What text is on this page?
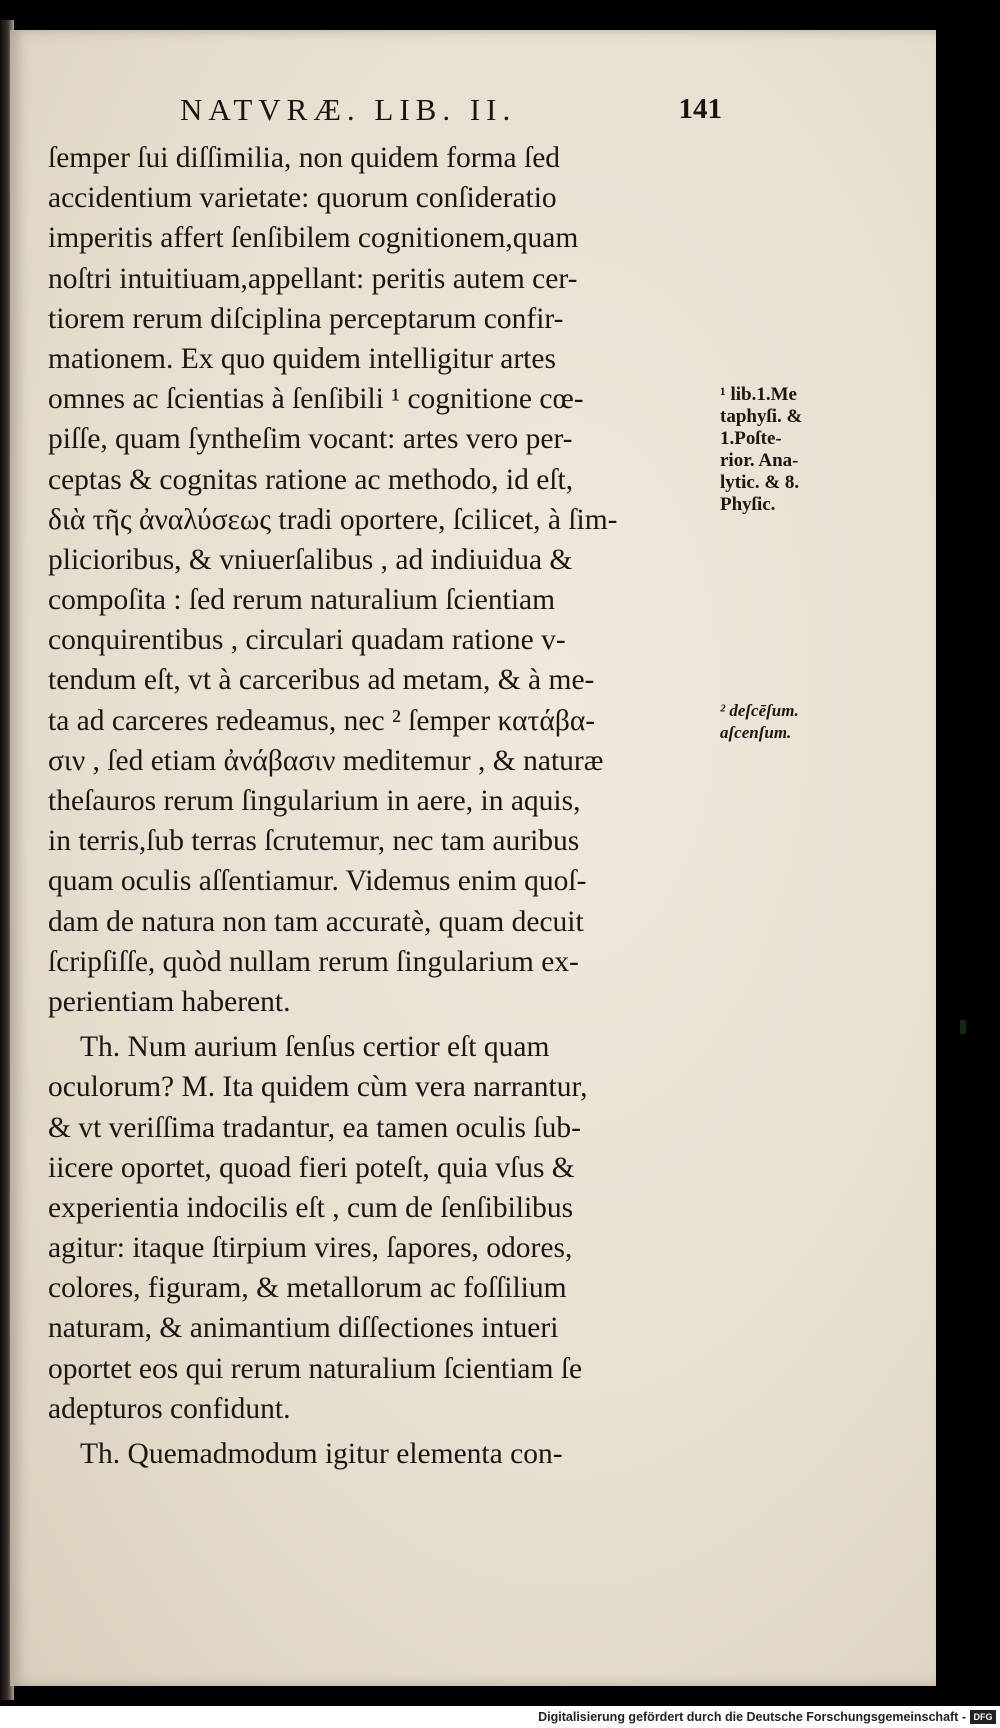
NATVRÆ. LIB. II.	141
ſem͏per ſui diſſimilia, non quidem forma ſed
accidentium varietate: quorum conſideratio
imperitis affert ſenſibilem cognitionem,quam
noſtri intuitiuam,appellant: peritis autem cer-
tiorem rerum diſciplina perceptarum confir-
mationem. Ex quo quidem intelligitur artes
omnes ac ſcientias à ſenſibili ¹ cognitione cœ-
piſſe, quam ſyntheſim vocant: artes vero per-
ceptas & cognitas ratione ac methodo, id eſt,
διὰ τῆς ἀναλύσεως tradi oportere, ſcilicet, à ſim-
plicioribus, & vniuerſalibus , ad indiuidua &
compoſita : ſed rerum naturalium ſcientiam
conquirentibus , circulari quadam ratione v-
tendum eſt, vt à carceribus ad metam, & à me-
ta ad carceres redeamus, nec ² ſemper κατάβα-
σιν , ſed etiam ἀνάβασιν meditemur , & naturæ
theſauros rerum ſingularium in aere, in aquis,
in terris,ſub terras ſcrutemur, nec tam auribus
quam oculis aſſentiamur. Videmus enim quoſ-
dam de natura non tam accuratè, quam decuit
ſcripſiſſe, quòd nullam rerum ſingularium ex-
perientiam haberent.
Th. Num aurium ſenſus certior eſt quam
oculorum? M. Ita quidem cùm vera narrantur,
& vt veriſſima tradantur, ea tamen oculis ſub-
iicere oportet, quoad fieri poteſt, quia vſus &
experientia indocilis eſt , cum de ſenſibilibus
agitur: itaque ſtirpium vires, ſapores, odores,
colores, figuram, & metallorum ac foſſilium
naturam, & animantium diſſectiones intueri
oportet eos qui rerum naturalium ſcientiam ſe
adepturos confidunt.
Th. Quemadmodum igitur elementa con-
¹ lib.1.Me
taphyſi. &
1.Poſte-
rior. Ana-
lytic. & 8.
Phyſic.
² deſcēſum.
aſcenſum.
Digitalisierung gefördert durch die Deutsche Forschungsgemeinschaft - DFG
